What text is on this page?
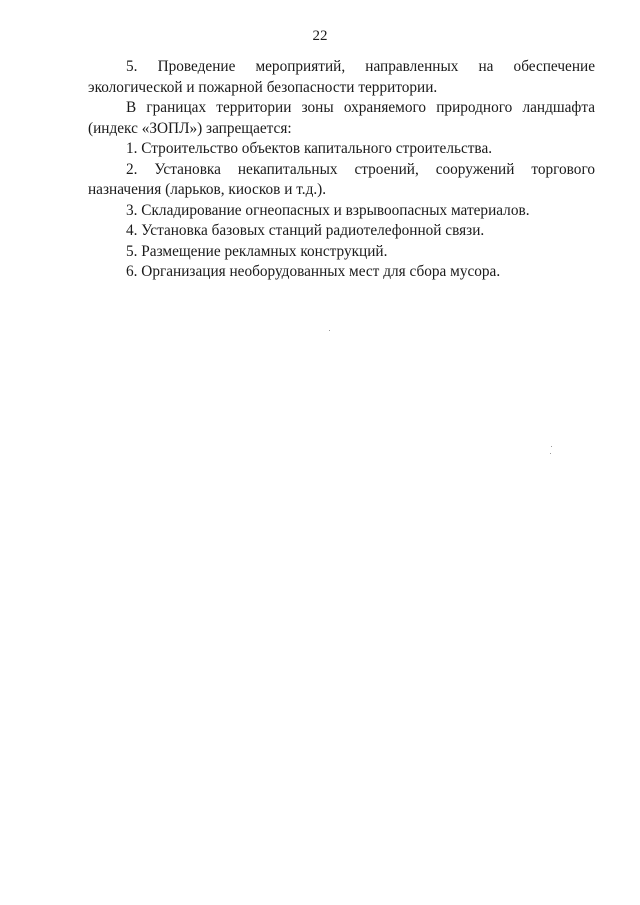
22

5. Проведение мероприятий, направленных на обеспечение
экологической и пожарной безопасности территории.

В границах территории зоны охраняемого природного ландшафта
(индекс «ЗОПЛ») запрещается:

1. Строительство объектов капитального строительства.

2. Установка некапитальных строений, сооружений торгового
назначения (ларьков, киосков и т.д.).

3. Складирование огнеопасных и взрывоопасных материалов.

4. Установка базовых станций радиотелефонной связи.

5. Размещение рекламных конструкций.

6. Организация необорудованных мест для сбора мусора.
